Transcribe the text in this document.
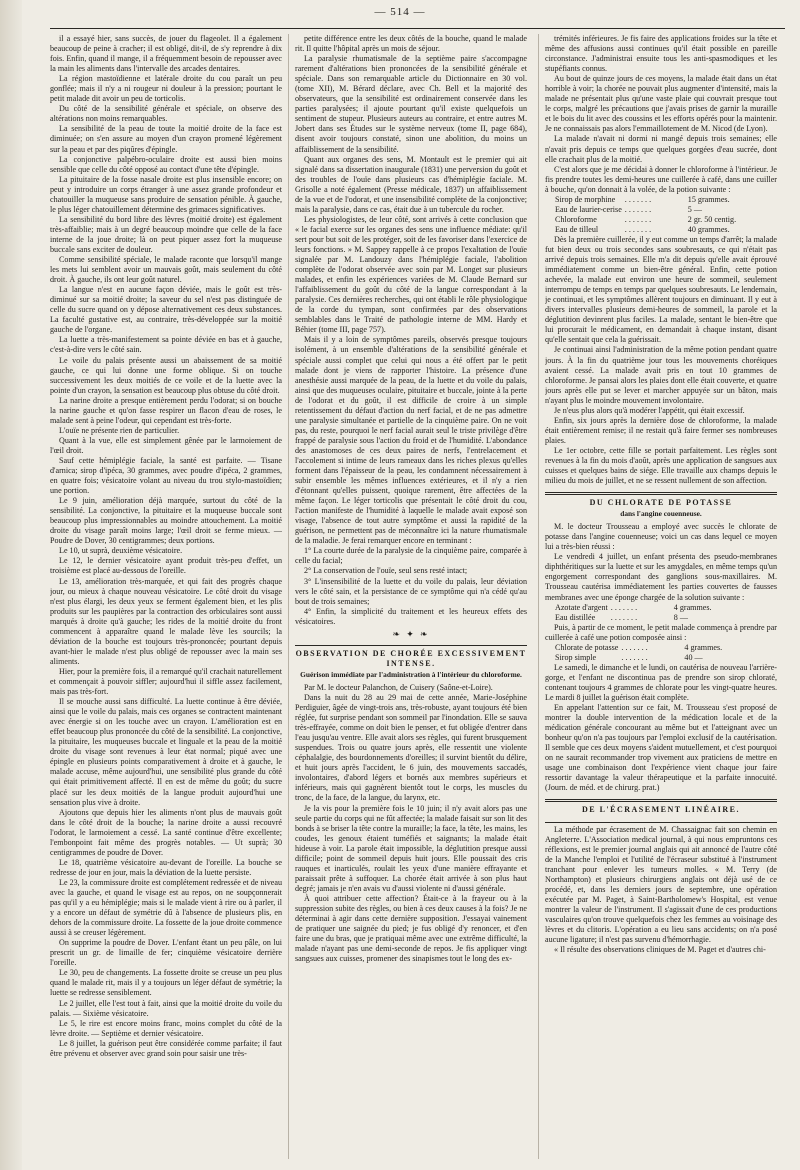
— 514 —

il a essayé hier, sans succès, de jouer du flageolet. Il a également beaucoup de peine à cracher; il est obligé, dit-il, de s'y reprendre à dix fois. Enfin, quand il mange, il a fréquemment besoin de repousser avec la main les aliments dans l'intervalle des arcades dentaires.

La région mastoïdienne et latérale droite du cou paraît un peu gonflée; mais il n'y a ni rougeur ni douleur à la pression; pourtant le petit malade dit avoir un peu de torticolis.

Du côté de la sensibilité générale et spéciale, on observe des altérations non moins remarquables.

La sensibilité de la peau de toute la moitié droite de la face est diminuée; on s'en assure au moyen d'un crayon promené légèrement sur la peau et par des piqûres d'épingle.

La conjonctive palpébro-oculaire droite est aussi bien moins sensible que celle du côté opposé au contact d'une tête d'épingle.

La pituitaire de la fosse nasale droite est plus insensible encore; on peut y introduire un corps étranger à une assez grande profondeur et chatouiller la muqueuse sans produire de sensation pénible. À gauche, le plus léger chatouillement détermine des grimaces significatives.

La sensibilité du bord libre des lèvres (moitié droite) est également très-affaiblie; mais à un degré beaucoup moindre que celle de la face interne de la joue droite; là on peut piquer assez fort la muqueuse buccale sans exciter de douleur.

Comme sensibilité spéciale, le malade raconte que lorsqu'il mange les mets lui semblent avoir un mauvais goût, mais seulement du côté droit. À gauche, ils ont leur goût naturel.

La langue n'est en aucune façon déviée, mais le goût est très-diminué sur sa moitié droite; la saveur du sel n'est pas distinguée de celle du sucre quand on y dépose alternativement ces deux substances. La faculté gustative est, au contraire, très-développée sur la moitié gauche de l'organe.

La luette a très-manifestement sa pointe déviée en bas et à gauche, c'est-à-dire vers le côté sain.

Le voile du palais présente aussi un abaissement de sa moitié gauche, ce qui lui donne une forme oblique. Si on touche successivement les deux moitiés de ce voile et de la luette avec la pointe d'un crayon, la sensation est beaucoup plus obtuse du côté droit.

La narine droite a presque entièrement perdu l'odorat; si on bouche la narine gauche et qu'on fasse respirer un flacon d'eau de roses, le malade sent à peine l'odeur, qui cependant est très-forte.

L'ouïe ne présente rien de particulier.

Quant à la vue, elle est simplement gênée par le larmoiement de l'œil droit.

Sauf cette hémiplégie faciale, la santé est parfaite. — Tisane d'arnica; sirop d'ipéca, 30 grammes, avec poudre d'ipéca, 2 grammes, en quatre fois; vésicatoire volant au niveau du trou stylo-mastoïdien; une portion.

Le 9 juin, amélioration déjà marquée, surtout du côté de la sensibilité. La conjonctive, la pituitaire et la muqueuse buccale sont beaucoup plus impressionnables au moindre attouchement. La moitié droite du visage paraît moins large; l'œil droit se ferme mieux. — Poudre de Dover, 30 centigrammes; deux portions.

Le 10, ut suprà, deuxième vésicatoire.

Le 12, le dernier vésicatoire ayant produit très-peu d'effet, un troisième est placé au-dessous de l'oreille.

Le 13, amélioration très-marquée, et qui fait des progrès chaque jour, ou mieux à chaque nouveau vésicatoire. Le côté droit du visage n'est plus élargi, les deux yeux se ferment également bien, et les plis produits sur les paupières par la contraction des orbiculaires sont aussi marqués à droite qu'à gauche; les rides de la moitié droite du front commencent à apparaître quand le malade lève les sourcils; la déviation de la bouche est toujours très-prononcée; pourtant depuis avant-hier le malade n'est plus obligé de repousser avec la main ses aliments.

Hier, pour la première fois, il a remarqué qu'il crachait naturellement et commençait à pouvoir siffler; aujourd'hui il siffle assez facilement, mais pas très-fort.

Il se mouche aussi sans difficulté. La luette continue à être déviée, ainsi que le voile du palais, mais ces organes se contractent maintenant avec énergie si on les touche avec un crayon. L'amélioration est en effet beaucoup plus prononcée du côté de la sensibilité. La conjonctive, la pituitaire, les muqueuses buccale et linguale et la peau de la moitié droite du visage sont revenues à leur état normal; piqué avec une épingle en plusieurs points comparativement à droite et à gauche, le malade accuse, même aujourd'hui, une sensibilité plus grande du côté qui était primitivement affecté. Il en est de même du goût; du sucre placé sur les deux moitiés de la langue produit aujourd'hui une sensation plus vive à droite.

Ajoutons que depuis hier les aliments n'ont plus de mauvais goût dans le côté droit de la bouche; la narine droite a aussi recouvré l'odorat, le larmoiement a cessé. La santé continue d'être excellente; l'embonpoint fait même des progrès notables. — Ut suprà; 30 centigrammes de poudre de Dover.

Le 18, quatrième vésicatoire au-devant de l'oreille. La bouche se redresse de jour en jour, mais la déviation de la luette persiste.

Le 23, la commissure droite est complétement redressée et de niveau avec la gauche, et quand le visage est au repos, on ne soupçonnerait pas qu'il y a eu hémiplégie; mais si le malade vient à rire ou à parler, il y a encore un défaut de symétrie dû à l'absence de plusieurs plis, en dehors de la commissure droite. La fossette de la joue droite commence aussi à se creuser légèrement.

On supprime la poudre de Dover. L'enfant étant un peu pâle, on lui prescrit un gr. de limaille de fer; cinquième vésicatoire derrière l'oreille.

Le 30, peu de changements. La fossette droite se creuse un peu plus quand le malade rit, mais il y a toujours un léger défaut de symétrie; la luette se redresse sensiblement.

Le 2 juillet, elle l'est tout à fait, ainsi que la moitié droite du voile du palais. — Sixième vésicatoire.

Le 5, le rire est encore moins franc, moins complet du côté de la lèvre droite. — Septième et dernier vésicatoire.

Le 8 juillet, la guérison peut être considérée comme parfaite; il faut être prévenu et observer avec grand soin pour saisir une très-

petite différence entre les deux côtés de la bouche, quand le malade rit. Il quitte l'hôpital après un mois de séjour.

La paralysie rhumatismale de la septième paire s'accompagne rarement d'altérations bien prononcées de la sensibilité générale et spéciale. Dans son remarquable article du Dictionnaire en 30 vol. (tome XII), M. Bérard déclare, avec Ch. Bell et la majorité des observateurs, que la sensibilité est ordinairement conservée dans les parties paralysées; il ajoute pourtant qu'il existe quelquefois un sentiment de stupeur. Plusieurs auteurs au contraire, et entre autres M. Jobert dans ses Études sur le système nerveux (tome II, page 684), disent avoir toujours constaté, sinon une abolition, du moins un affaiblissement de la sensibilité.

Quant aux organes des sens, M. Montault est le premier qui ait signalé dans sa dissertation inaugurale (1831) une perversion du goût et des troubles de l'ouïe dans plusieurs cas d'hémiplégie faciale. M. Grisolle a noté également (Presse médicale, 1837) un affaiblissement de la vue et de l'odorat, et une insensibilité complète de la conjonctive; mais la paralysie, dans ce cas, était due à un tubercule du rocher.

Les physiologistes, de leur côté, sont arrivés à cette conclusion que « le facial exerce sur les organes des sens une influence médiate: qu'il sert pour but soit de les protéger, soit de les favoriser dans l'exercice de leurs fonctions. » M. Sappey rappelle à ce propos l'exaltation de l'ouïe signalée par M. Landouzy dans l'hémiplégie faciale, l'abolition complète de l'odorat observée avec soin par M. Longet sur plusieurs malades, et enfin les expériences variées de M. Claude Bernard sur l'affaiblissement du goût du côté de la langue correspondant à la paralysie. Ces dernières recherches, qui ont établi le rôle physiologique de la corde du tympan, sont confirmées par des observations semblables dans le Traité de pathologie interne de MM. Hardy et Béhier (tome III, page 757).

Mais il y a loin de symptômes pareils, observés presque toujours isolément, à un ensemble d'altérations de la sensibilité générale et spéciale aussi complet que celui qui nous a été offert par le petit malade dont je viens de rapporter l'histoire. La présence d'une anesthésie aussi marquée de la peau, de la luette et du voile du palais, ainsi que des muqueuses oculaire, pituitaire et buccale, jointe à la perte de l'odorat et du goût, il est difficile de croire à un simple retentissement du défaut d'action du nerf facial, et de ne pas admettre une paralysie simultanée et partielle de la cinquième paire. On ne voit pas, du reste, pourquoi le nerf facial aurait seul le triste privilège d'être frappé de paralysie sous l'action du froid et de l'humidité. L'abondance des anastomoses de ces deux paires de nerfs, l'entrelacement et l'accolement si intime de leurs rameaux dans les riches plexus qu'elles forment dans l'épaisseur de la peau, les condamnent nécessairement à subir ensemble les mêmes influences extérieures, et il n'y a rien d'étonnant qu'elles puissent, quoique rarement, être affectées de la même façon. Le léger torticolis que présentait le côté droit du cou, l'action manifeste de l'humidité à laquelle le malade avait exposé son visage, l'absence de tout autre symptôme et aussi la rapidité de la guérison, ne permettent pas de méconnaître ici la nature rhumatismale de la maladie. Je ferai remarquer encore en terminant :

1° La courte durée de la paralysie de la cinquième paire, comparée à celle du facial;

2° La conservation de l'ouïe, seul sens resté intact;

3° L'insensibilité de la luette et du voile du palais, leur déviation vers le côté sain, et la persistance de ce symptôme qui n'a cédé qu'au bout de trois semaines;

4° Enfin, la simplicité du traitement et les heureux effets des vésicatoires.

❧ ✦ ❧
OBSERVATION DE CHORÉE EXCESSIVEMENT INTENSE.
Guérison immédiate par l'administration à l'intérieur du chloroforme.

Par M. le docteur Palanchon, de Cuisery (Saône-et-Loire).

Dans la nuit du 28 au 29 mai de cette année, Marie-Joséphine Perdiguier, âgée de vingt-trois ans, très-robuste, ayant toujours été bien réglée, fut surprise pendant son sommeil par l'inondation. Elle se sauva très-effrayée, comme on doit bien le penser, et fut obligée d'entrer dans l'eau jusqu'au ventre. Elle avait alors ses règles, qui furent brusquement suspendues. Trois ou quatre jours après, elle ressentit une violente céphalalgie, des bourdonnements d'oreilles; il survint bientôt du délire, et huit jours après l'accident, le 6 juin, des mouvements saccadés, involontaires, d'abord légers et bornés aux membres supérieurs et inférieurs, mais qui gagnèrent bientôt tout le corps, les muscles du tronc, de la face, de la langue, du larynx, etc.

Je la vis pour la première fois le 10 juin; il n'y avait alors pas une seule partie du corps qui ne fût affectée; la malade faisait sur son lit des bonds à se briser la tête contre la muraille; la face, la tête, les mains, les coudes, les genoux étaient tuméfiés et saignants; la malade était hideuse à voir. La parole était impossible, la déglutition presque aussi difficile; point de sommeil depuis huit jours. Elle poussait des cris rauques et inarticulés, roulait les yeux d'une manière effrayante et paraissait prête à suffoquer. La chorée était arrivée à son plus haut degré; jamais je n'en avais vu d'aussi violente ni d'aussi générale.

À quoi attribuer cette affection? Était-ce à la frayeur ou à la suppression subite des règles, ou bien à ces deux causes à la fois? Je ne déterminai à agir dans cette dernière supposition. J'essayai vainement de pratiquer une saignée du pied; je fus obligé d'y renoncer, et d'en faire une du bras, que je pratiquai même avec une extrême difficulté, la malade n'ayant pas une demi-seconde de repos. Je fis appliquer vingt sangsues aux cuisses, promener des sinapismes tout le long des ex-

trémités inférieures. Je fis faire des applications froides sur la tête et même des affusions aussi continues qu'il était possible en pareille circonstance. J'administrai ensuite tous les anti-spasmodiques et les stupéfiants connus.

Au bout de quinze jours de ces moyens, la malade était dans un état horrible à voir; la chorée ne pouvait plus augmenter d'intensité, mais la malade ne présentait plus qu'une vaste plaie qui couvrait presque tout le corps, malgré les précautions que j'avais prises de garnir la muraille et le bois du lit avec des coussins et les efforts opérés pour la maintenir. Je ne connaissais pas alors l'emmaillotement de M. Nicod (de Lyon).

La malade n'avait ni dormi ni mangé depuis trois semaines; elle n'avait pris depuis ce temps que quelques gorgées d'eau sucrée, dont elle crachait plus de la moitié.

C'est alors que je me décidai à donner le chloroforme à l'intérieur. Je fis prendre toutes les demi-heures une cuillerée à café, dans une cuiller à bouche, qu'on donnait à la volée, de la potion suivante :

Sirop de morphine	. . . . . . .	15 grammes.
Eau de laurier-cerise	. . . . . . .	5 —
Chloroforme	. . . . . . .	2 gr. 50 centig.
Eau de tilleul	. . . . . . .	40 grammes.

Dès la première cuillerée, il y eut comme un temps d'arrêt; la malade fut bien deux ou trois secondes sans soubresauts, ce qui n'était pas arrivé depuis trois semaines. Elle m'a dit depuis qu'elle avait éprouvé immédiatement comme un bien-être général. Enfin, cette potion achevée, la malade eut environ une heure de sommeil, seulement interrompu de temps en temps par quelques soubresauts. Le lendemain, je continuai, et les symptômes allèrent toujours en diminuant. Il y eut à divers intervalles plusieurs demi-heures de sommeil, la parole et la déglutition devinrent plus faciles. La malade, sentant le bien-être que lui procurait le médicament, en demandait à chaque instant, disant qu'elle sentait que cela la guérissait.

Je continuai ainsi l'administration de la même potion pendant quatre jours. À la fin du quatrième jour tous les mouvements choréiques avaient cessé. La malade avait pris en tout 10 grammes de chloroforme. Je pansai alors les plaies dont elle était couverte, et quatre jours après elle put se lever et marcher appuyée sur un bâton, mais n'ayant plus le moindre mouvement involontaire.

Je n'eus plus alors qu'à modérer l'appétit, qui était excessif.

Enfin, six jours après la dernière dose de chloroforme, la malade était entièrement remise; il ne restait qu'à faire fermer ses nombreuses plaies.

Le 1er octobre, cette fille se portait parfaitement. Les règles sont revenues à la fin du mois d'août, après une application de sangsues aux cuisses et quelques bains de siége. Elle travaille aux champs depuis le milieu du mois de juillet, et ne se ressent nullement de son affection.

DU CHLORATE DE POTASSE
dans l'angine couenneuse.

M. le docteur Trousseau a employé avec succès le chlorate de potasse dans l'angine couenneuse; voici un cas dans lequel ce moyen lui a très-bien réussi :

Le vendredi 4 juillet, un enfant présenta des pseudo-membranes diphthéritiques sur la luette et sur les amygdales, en même temps qu'un engorgement correspondant des ganglions sous-maxillaires. M. Trousseau cautérisa immédiatement les parties couvertes de fausses membranes avec une éponge chargée de la solution suivante :

Azotate d'argent	. . . . . . .	4 grammes.
Eau distillée	. . . . . . .	8 —

Puis, à partir de ce moment, le petit malade commença à prendre par cuillerée à café une potion composée ainsi :

Chlorate de potasse	. . . . . . .	4 grammes.
Sirop simple	. . . . . . .	40 —

Le samedi, le dimanche et le lundi, on cautérisa de nouveau l'arrière-gorge, et l'enfant ne discontinua pas de prendre son sirop chloraté, contenant toujours 4 grammes de chlorate pour les vingt-quatre heures. Le mardi 8 juillet la guérison était complète.

En appelant l'attention sur ce fait, M. Trousseau s'est proposé de montrer la double intervention de la médication locale et de la médication générale concourant au même but et l'atteignant avec un bonheur qu'on n'a pas toujours par l'emploi exclusif de la cautérisation. Il semble que ces deux moyens s'aident mutuellement, et c'est pourquoi on ne saurait recommander trop vivement aux praticiens de mettre en usage une combinaison dont l'expérience vient chaque jour faire ressortir davantage la valeur thérapeutique et la parfaite innocuité. (Journ. de méd. et de chirurg. prat.)

DE L'ÉCRASEMENT LINÉAIRE.

La méthode par écrasement de M. Chassaignac fait son chemin en Angleterre. L'Association medical journal, à qui nous empruntons ces réflexions, est le premier journal anglais qui ait annoncé de l'autre côté de la Manche l'emploi et l'utilité de l'écraseur substitué à l'instrument tranchant pour enlever les tumeurs molles. « M. Terry (de Northampton) et plusieurs chirurgiens anglais ont déjà usé de ce procédé, et, dans les derniers jours de septembre, une opération exécutée par M. Paget, à Saint-Bartholomew's Hospital, est venue montrer la valeur de l'instrument. Il s'agissait d'une de ces productions vasculaires qu'on trouve quelquefois chez les femmes au voisinage des lèvres et du clitoris. L'opération a eu lieu sans accidents; on n'a posé aucune ligature; il n'est pas survenu d'hémorrhagie.

« Il résulte des observations cliniques de M. Paget et d'autres chi-
